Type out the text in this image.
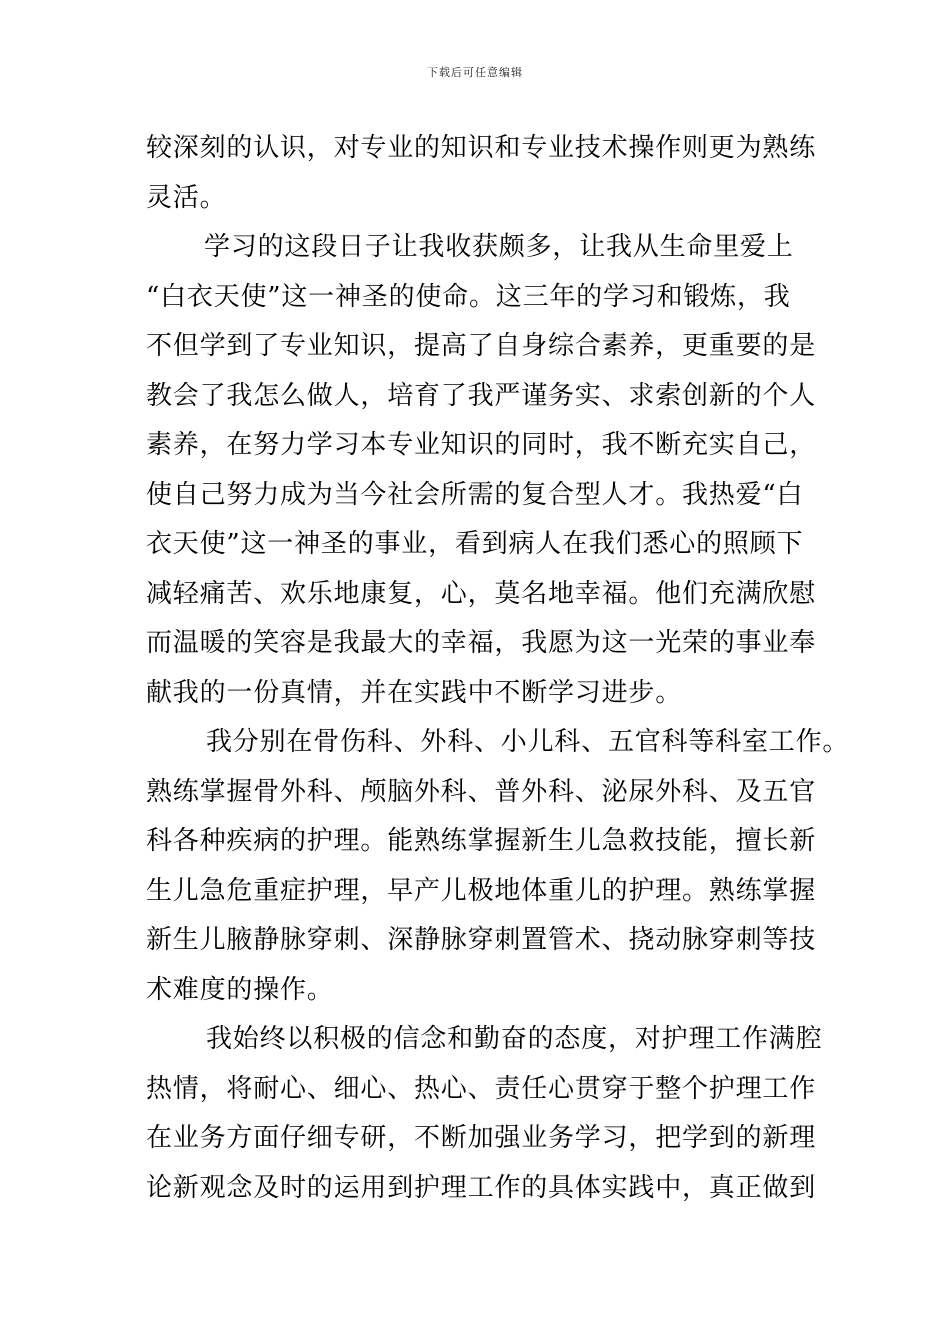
下载后可任意编辑
较深刻的认识，对专业的知识和专业技术操作则更为熟练
灵活。
学习的这段日子让我收获颇多，让我从生命里爱上
“白衣天使”这一神圣的使命。这三年的学习和锻炼，我
不但学到了专业知识，提高了自身综合素养，更重要的是
教会了我怎么做人，培育了我严谨务实、求索创新的个人
素养，在努力学习本专业知识的同时，我不断充实自己，
使自己努力成为当今社会所需的复合型人才。我热爱“白
衣天使”这一神圣的事业，看到病人在我们悉心的照顾下
减轻痛苦、欢乐地康复，心，莫名地幸福。他们充满欣慰
而温暖的笑容是我最大的幸福，我愿为这一光荣的事业奉
献我的一份真情，并在实践中不断学习进步。
我分别在骨伤科、外科、小儿科、五官科等科室工作。
熟练掌握骨外科、颅脑外科、普外科、泌尿外科、及五官
科各种疾病的护理。能熟练掌握新生儿急救技能，擅长新
生儿急危重症护理，早产儿极地体重儿的护理。熟练掌握
新生儿腋静脉穿刺、深静脉穿刺置管术、挠动脉穿刺等技
术难度的操作。
我始终以积极的信念和勤奋的态度，对护理工作满腔
热情，将耐心、细心、热心、责任心贯穿于整个护理工作
在业务方面仔细专研，不断加强业务学习，把学到的新理
论新观念及时的运用到护理工作的具体实践中，真正做到
